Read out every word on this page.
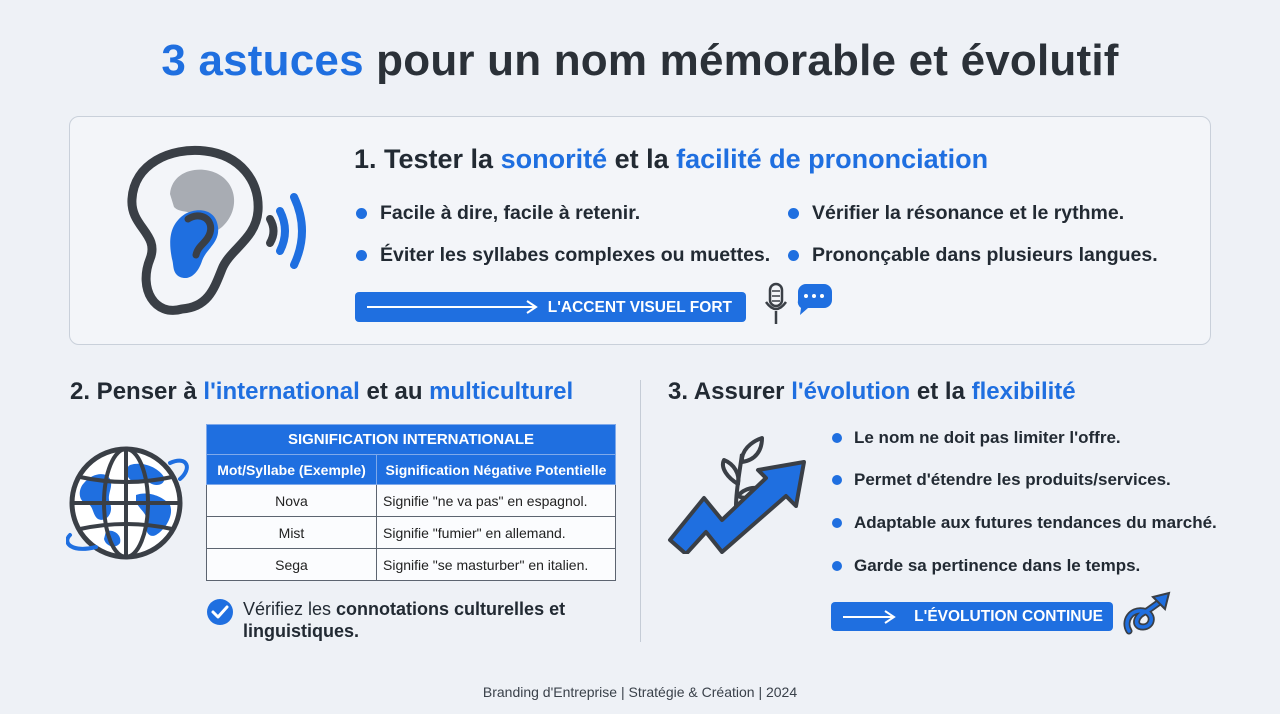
3 astuces pour un nom mémorable et évolutif
1. Tester la sonorité et la facilité de prononciation
Facile à dire, facile à retenir.	Vérifier la résonance et le rythme.
Éviter les syllabes complexes ou muettes.	Prononçable dans plusieurs langues.
L'ACCENT VISUEL FORT
2. Penser à l'international et au multiculturel
SIGNIFICATION INTERNATIONALE	
Mot/Syllabe (Exemple)	Signification Négative Potentielle
Nova	Signifie "ne va pas" en espagnol.
Mist	Signifie "fumier" en allemand.
Sega	Signifie "se masturber" en italien.
Vérifiez les connotations culturelles et linguistiques.
3. Assurer l'évolution et la flexibilité
Le nom ne doit pas limiter l'offre.
Permet d'étendre les produits/services.
Adaptable aux futures tendances du marché.
Garde sa pertinence dans le temps.
L'ÉVOLUTION CONTINUE
Branding d'Entreprise | Stratégie & Création | 2024
